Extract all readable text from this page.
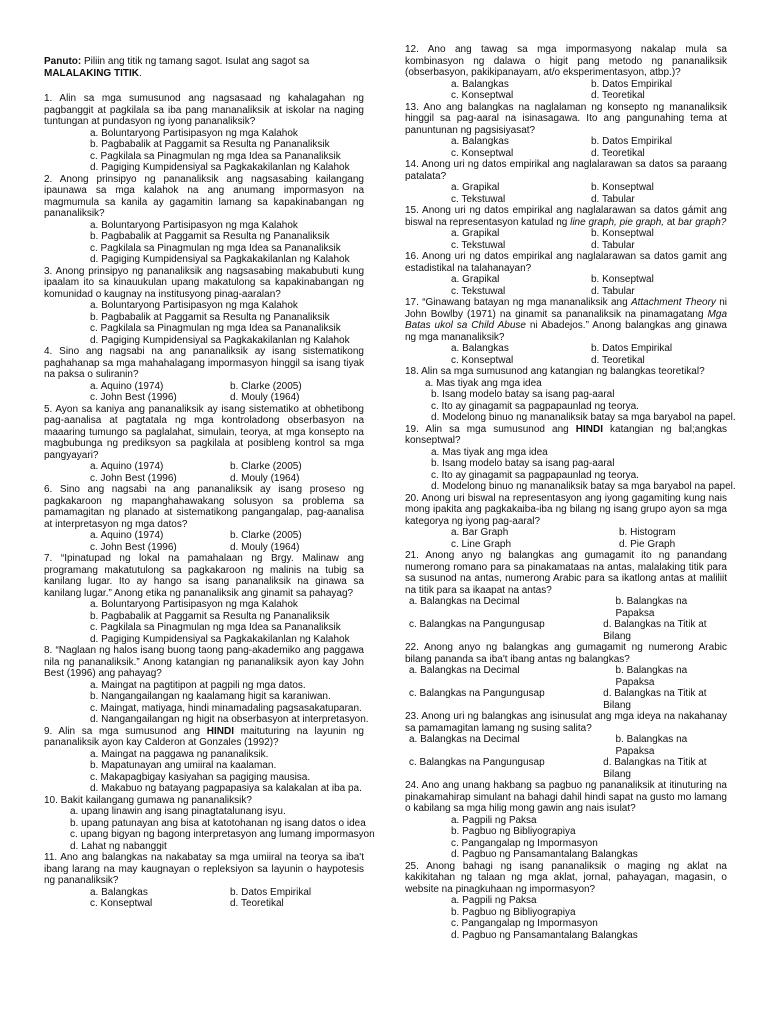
Panuto: Piliin ang titik ng tamang sagot. Isulat ang sagot sa MALALAKING TITIK.
1. Alin sa mga sumusunod ang nagsasaad ng kahalagahan ng pagbanggit at pagkilala sa iba pang mananaliksik at iskolar na naging tuntungan at pundasyon ng iyong pananaliksik?
a. Boluntaryong Partisipasyon ng mga Kalahok
b. Pagbabalik at Paggamit sa Resulta ng Pananaliksik
c. Pagkilala sa Pinagmulan ng mga Idea sa Pananaliksik
d. Pagiging Kumpidensiyal sa Pagkakakilanlan ng Kalahok
2. Anong prinsipyo ng pananaliksik ang nagsasabing kailangang ipaunawa sa mga kalahok na ang anumang impormasyon na magmumula sa kanila ay gagamitin lamang sa kapakinabangan ng pananaliksik?
a. Boluntaryong Partisipasyon ng mga Kalahok
b. Pagbabalik at Paggamit sa Resulta ng Pananaliksik
c. Pagkilala sa Pinagmulan ng mga Idea sa Pananaliksik
d. Pagiging Kumpidensiyal sa Pagkakakilanlan ng Kalahok
3. Anong prinsipyo ng pananaliksik ang nagsasabing makabubuti kung ipaalam ito sa kinauukulan upang makatulong sa kapakinabangan ng komunidad o kaugnay na institusyong pinag-aaralan?
a. Boluntaryong Partisipasyon ng mga Kalahok
b. Pagbabalik at Paggamit sa Resulta ng Pananaliksik
c. Pagkilala sa Pinagmulan ng mga Idea sa Pananaliksik
d. Pagiging Kumpidensiyal sa Pagkakakilanlan ng Kalahok
4. Sino ang nagsabi na ang pananaliksik ay isang sistematikong paghahanap sa mga mahahalagang impormasyon hinggil sa isang tiyak na paksa o suliranin?
a. Aquino (1974)	b. Clarke (2005)
c. John Best (1996)	d. Mouly (1964)
5. Ayon sa kaniya ang pananaliksik ay isang sistematiko at obhetibong pag-aanalisa at pagtatala ng mga kontroladong obserbasyon na maaaring tumungo sa paglalahat, simulain, teorya, at mga konsepto na magbubunga ng prediksyon sa pagkilala at posibleng kontrol sa mga pangyayari?
a. Aquino (1974)	b. Clarke (2005)
c. John Best (1996)	d. Mouly (1964)
6. Sino ang nagsabi na ang pananaliksik ay isang proseso ng pagkakaroon ng mapanghahawakang solusyon sa problema sa pamamagitan ng planado at sistematikong pangangalap, pag-aanalisa at interpretasyon ng mga datos?
a. Aquino (1974)	b. Clarke (2005)
c. John Best (1996)	d. Mouly (1964)
7. “Ipinatupad ng lokal na pamahalaan ng Brgy. Malinaw ang programang makatutulong sa pagkakaroon ng malinis na tubig sa kanilang lugar. Ito ay hango sa isang pananaliksik na ginawa sa kanilang lugar.” Anong etika ng pananaliksik ang ginamit sa pahayag?
a. Boluntaryong Partisipasyon ng mga Kalahok
b. Pagbabalik at Paggamit sa Resulta ng Pananaliksik
c. Pagkilala sa Pinagmulan ng mga Idea sa Pananaliksik
d. Pagiging Kumpidensiyal sa Pagkakakilanlan ng Kalahok
8. “Naglaan ng halos isang buong taong pang-akademiko ang paggawa nila ng pananaliksik.” Anong katangian ng pananaliksik ayon kay John Best (1996) ang pahayag?
a. Maingat na pagtitipon at pagpili ng mga datos.
b. Nangangailangan ng kaalamang higit sa karaniwan.
c. Maingat, matiyaga, hindi minamadaling pagsasakatuparan.
d. Nangangailangan ng higit na obserbasyon at interpretasyon.
9. Alin sa mga sumusunod ang HINDI maituturing na layunin ng pananaliksik ayon kay Calderon at Gonzales (1992)?
a. Maingat na paggawa ng pananaliksik.
b. Mapatunayan ang umiiral na kaalaman.
c. Makapagbigay kasiyahan sa pagiging mausisa.
d. Makabuo ng batayang pagpapasiya sa kalakalan at iba pa.
10. Bakit kailangang gumawa ng pananaliksik?
a. upang linawin ang isang pinagtatalunang isyu.
b. upang patunayan ang bisa at katotohanan ng isang datos o idea
c. upang bigyan ng bagong interpretasyon ang lumang impormasyon
d. Lahat ng nabanggit
11. Ano ang balangkas na nakabatay sa mga umiiral na teorya sa iba't ibang larang na may kaugnayan o repleksiyon sa layunin o haypotesis ng pananaliksik?
a. Balangkas	b. Datos Empirikal
c. Konseptwal	d. Teoretikal
12. Ano ang tawag sa mga impormasyong nakalap mula sa kombinasyon ng dalawa o higit pang metodo ng pananaliksik (obserbasyon, pakikipanayam, at/o eksperimentasyon, atbp.)?
a. Balangkas	b. Datos Empirikal
c. Konseptwal	d. Teoretikal
13. Ano ang balangkas na naglalaman ng konsepto ng mananaliksik hinggil sa pag-aaral na isinasagawa. Ito ang pangunahing tema at panuntunan ng pagsisiyasat?
a. Balangkas	b. Datos Empirikal
c. Konseptwal	d. Teoretikal
14. Anong uri ng datos empirikal ang naglalarawan sa datos sa paraang patalata?
a. Grapikal	b. Konseptwal
c. Tekstuwal	d. Tabular
15. Anong uri ng datos empirikal ang naglalarawan sa datos gámit ang biswal na representasyon katulad ng line graph, pie graph, at bar graph?
a. Grapikal	b. Konseptwal
c. Tekstuwal	d. Tabular
16. Anong uri ng datos empirikal ang naglalarawan sa datos gamit ang estadistikal na talahanayan?
a. Grapikal	b. Konseptwal
c. Tekstuwal	d. Tabular
17. “Ginawang batayan ng mga mananaliksik ang Attachment Theory ni John Bowlby (1971) na ginamit sa pananaliksik na pinamagatang Mga Batas ukol sa Child Abuse ni Abadejos.” Anong balangkas ang ginawa ng mga mananaliksik?
a. Balangkas	b. Datos Empirikal
c. Konseptwal	d. Teoretikal
18. Alin sa mga sumusunod ang katangian ng balangkas teoretikal?
a. Mas tiyak ang mga idea
b. Isang modelo batay sa isang pag-aaral
c. Ito ay ginagamit sa pagpapaunlad ng teorya.
d. Modelong binuo ng mananaliksik batay sa mga baryabol na papel.
19. Alin sa mga sumusunod ang HINDI katangian ng bal;angkas konseptwal?
a. Mas tiyak ang mga idea
b. Isang modelo batay sa isang pag-aaral
c. Ito ay ginagamit sa pagpapaunlad ng teorya.
d. Modelong binuo ng mananaliksik batay sa mga baryabol na papel.
20. Anong uri biswal na representasyon ang iyong gagamiting kung nais mong ipakita ang pagkakaiba-iba ng bilang ng isang grupo ayon sa mga kategorya ng iyong pag-aaral?
a. Bar Graph	b. Histogram
c. Line Graph	d. Pie Graph
21. Anong anyo ng balangkas ang gumagamit ito ng panandang numerong romano para sa pinakamataas na antas, malalaking titik para sa susunod na antas, numerong Arabic para sa ikatlong antas at maliliit na titik para sa ikaapat na antas?
a. Balangkas na Decimal	b. Balangkas na Papaksa
c. Balangkas na Pangungusap	d. Balangkas na Titik at Bilang
22. Anong anyo ng balangkas ang gumagamit ng numerong Arabic bilang pananda sa iba't ibang antas ng balangkas?
a. Balangkas na Decimal	b. Balangkas na Papaksa
c. Balangkas na Pangungusap	d. Balangkas na Titik at Bilang
23. Anong uri ng balangkas ang isinusulat ang mga ideya na nakahanay sa pamamagitan lamang ng susing salita?
a. Balangkas na Decimal	b. Balangkas na Papaksa
c. Balangkas na Pangungusap	d. Balangkas na Titik at Bilang
24. Ano ang unang hakbang sa pagbuo ng pananaliksik at itinuturing na pinakamahirap simulant na bahagi dahil hindi sapat na gusto mo lamang o kabilang sa mga hilig mong gawin ang nais isulat?
a. Pagpili ng Paksa
b. Pagbuo ng Bibliyograpiya
c. Pangangalap ng Impormasyon
d. Pagbuo ng Pansamantalang Balangkas
25. Anong bahagi ng isang pananaliksik o maging ng aklat na kakikitahan ng talaan ng mga aklat, jornal, pahayagan, magasin, o website na pinagkuhaan ng impormasyon?
a. Pagpili ng Paksa
b. Pagbuo ng Bibliyograpiya
c. Pangangalap ng Impormasyon
d. Pagbuo ng Pansamantalang Balangkas
